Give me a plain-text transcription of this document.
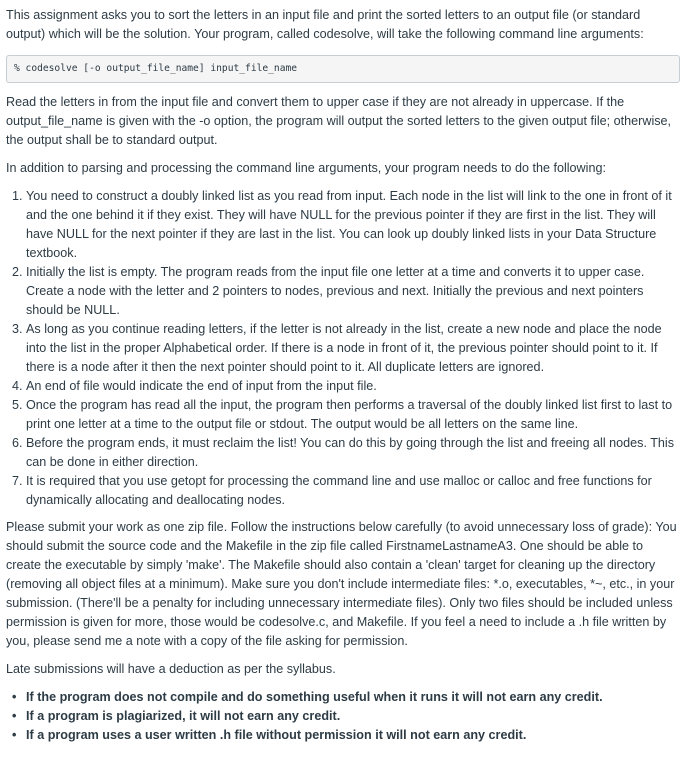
This assignment asks you to sort the letters in an input file and print the sorted letters to an output file (or standard output) which will be the solution. Your program, called codesolve, will take the following command line arguments:

% codesolve [-o output_file_name] input_file_name

Read the letters in from the input file and convert them to upper case if they are not already in uppercase. If the output_file_name is given with the -o option, the program will output the sorted letters to the given output file; otherwise, the output shall be to standard output.

In addition to parsing and processing the command line arguments, your program needs to do the following:

1. You need to construct a doubly linked list as you read from input. Each node in the list will link to the one in front of it and the one behind it if they exist. They will have NULL for the previous pointer if they are first in the list. They will have NULL for the next pointer if they are last in the list. You can look up doubly linked lists in your Data Structure textbook.
2. Initially the list is empty. The program reads from the input file one letter at a time and converts it to upper case. Create a node with the letter and 2 pointers to nodes, previous and next. Initially the previous and next pointers should be NULL.
3. As long as you continue reading letters, if the letter is not already in the list, create a new node and place the node into the list in the proper Alphabetical order. If there is a node in front of it, the previous pointer should point to it. If there is a node after it then the next pointer should point to it. All duplicate letters are ignored.
4. An end of file would indicate the end of input from the input file.
5. Once the program has read all the input, the program then performs a traversal of the doubly linked list first to last to print one letter at a time to the output file or stdout. The output would be all letters on the same line.
6. Before the program ends, it must reclaim the list! You can do this by going through the list and freeing all nodes. This can be done in either direction.
7. It is required that you use getopt for processing the command line and use malloc or calloc and free functions for dynamically allocating and deallocating nodes.

Please submit your work as one zip file. Follow the instructions below carefully (to avoid unnecessary loss of grade): You should submit the source code and the Makefile in the zip file called FirstnameLastnameA3. One should be able to create the executable by simply 'make'. The Makefile should also contain a 'clean' target for cleaning up the directory (removing all object files at a minimum). Make sure you don't include intermediate files: *.o, executables, *~, etc., in your submission. (There'll be a penalty for including unnecessary intermediate files). Only two files should be included unless permission is given for more, those would be codesolve.c, and Makefile. If you feel a need to include a .h file written by you, please send me a note with a copy of the file asking for permission.

Late submissions will have a deduction as per the syllabus.

• If the program does not compile and do something useful when it runs it will not earn any credit.
• If a program is plagiarized, it will not earn any credit.
• If a program uses a user written .h file without permission it will not earn any credit.
